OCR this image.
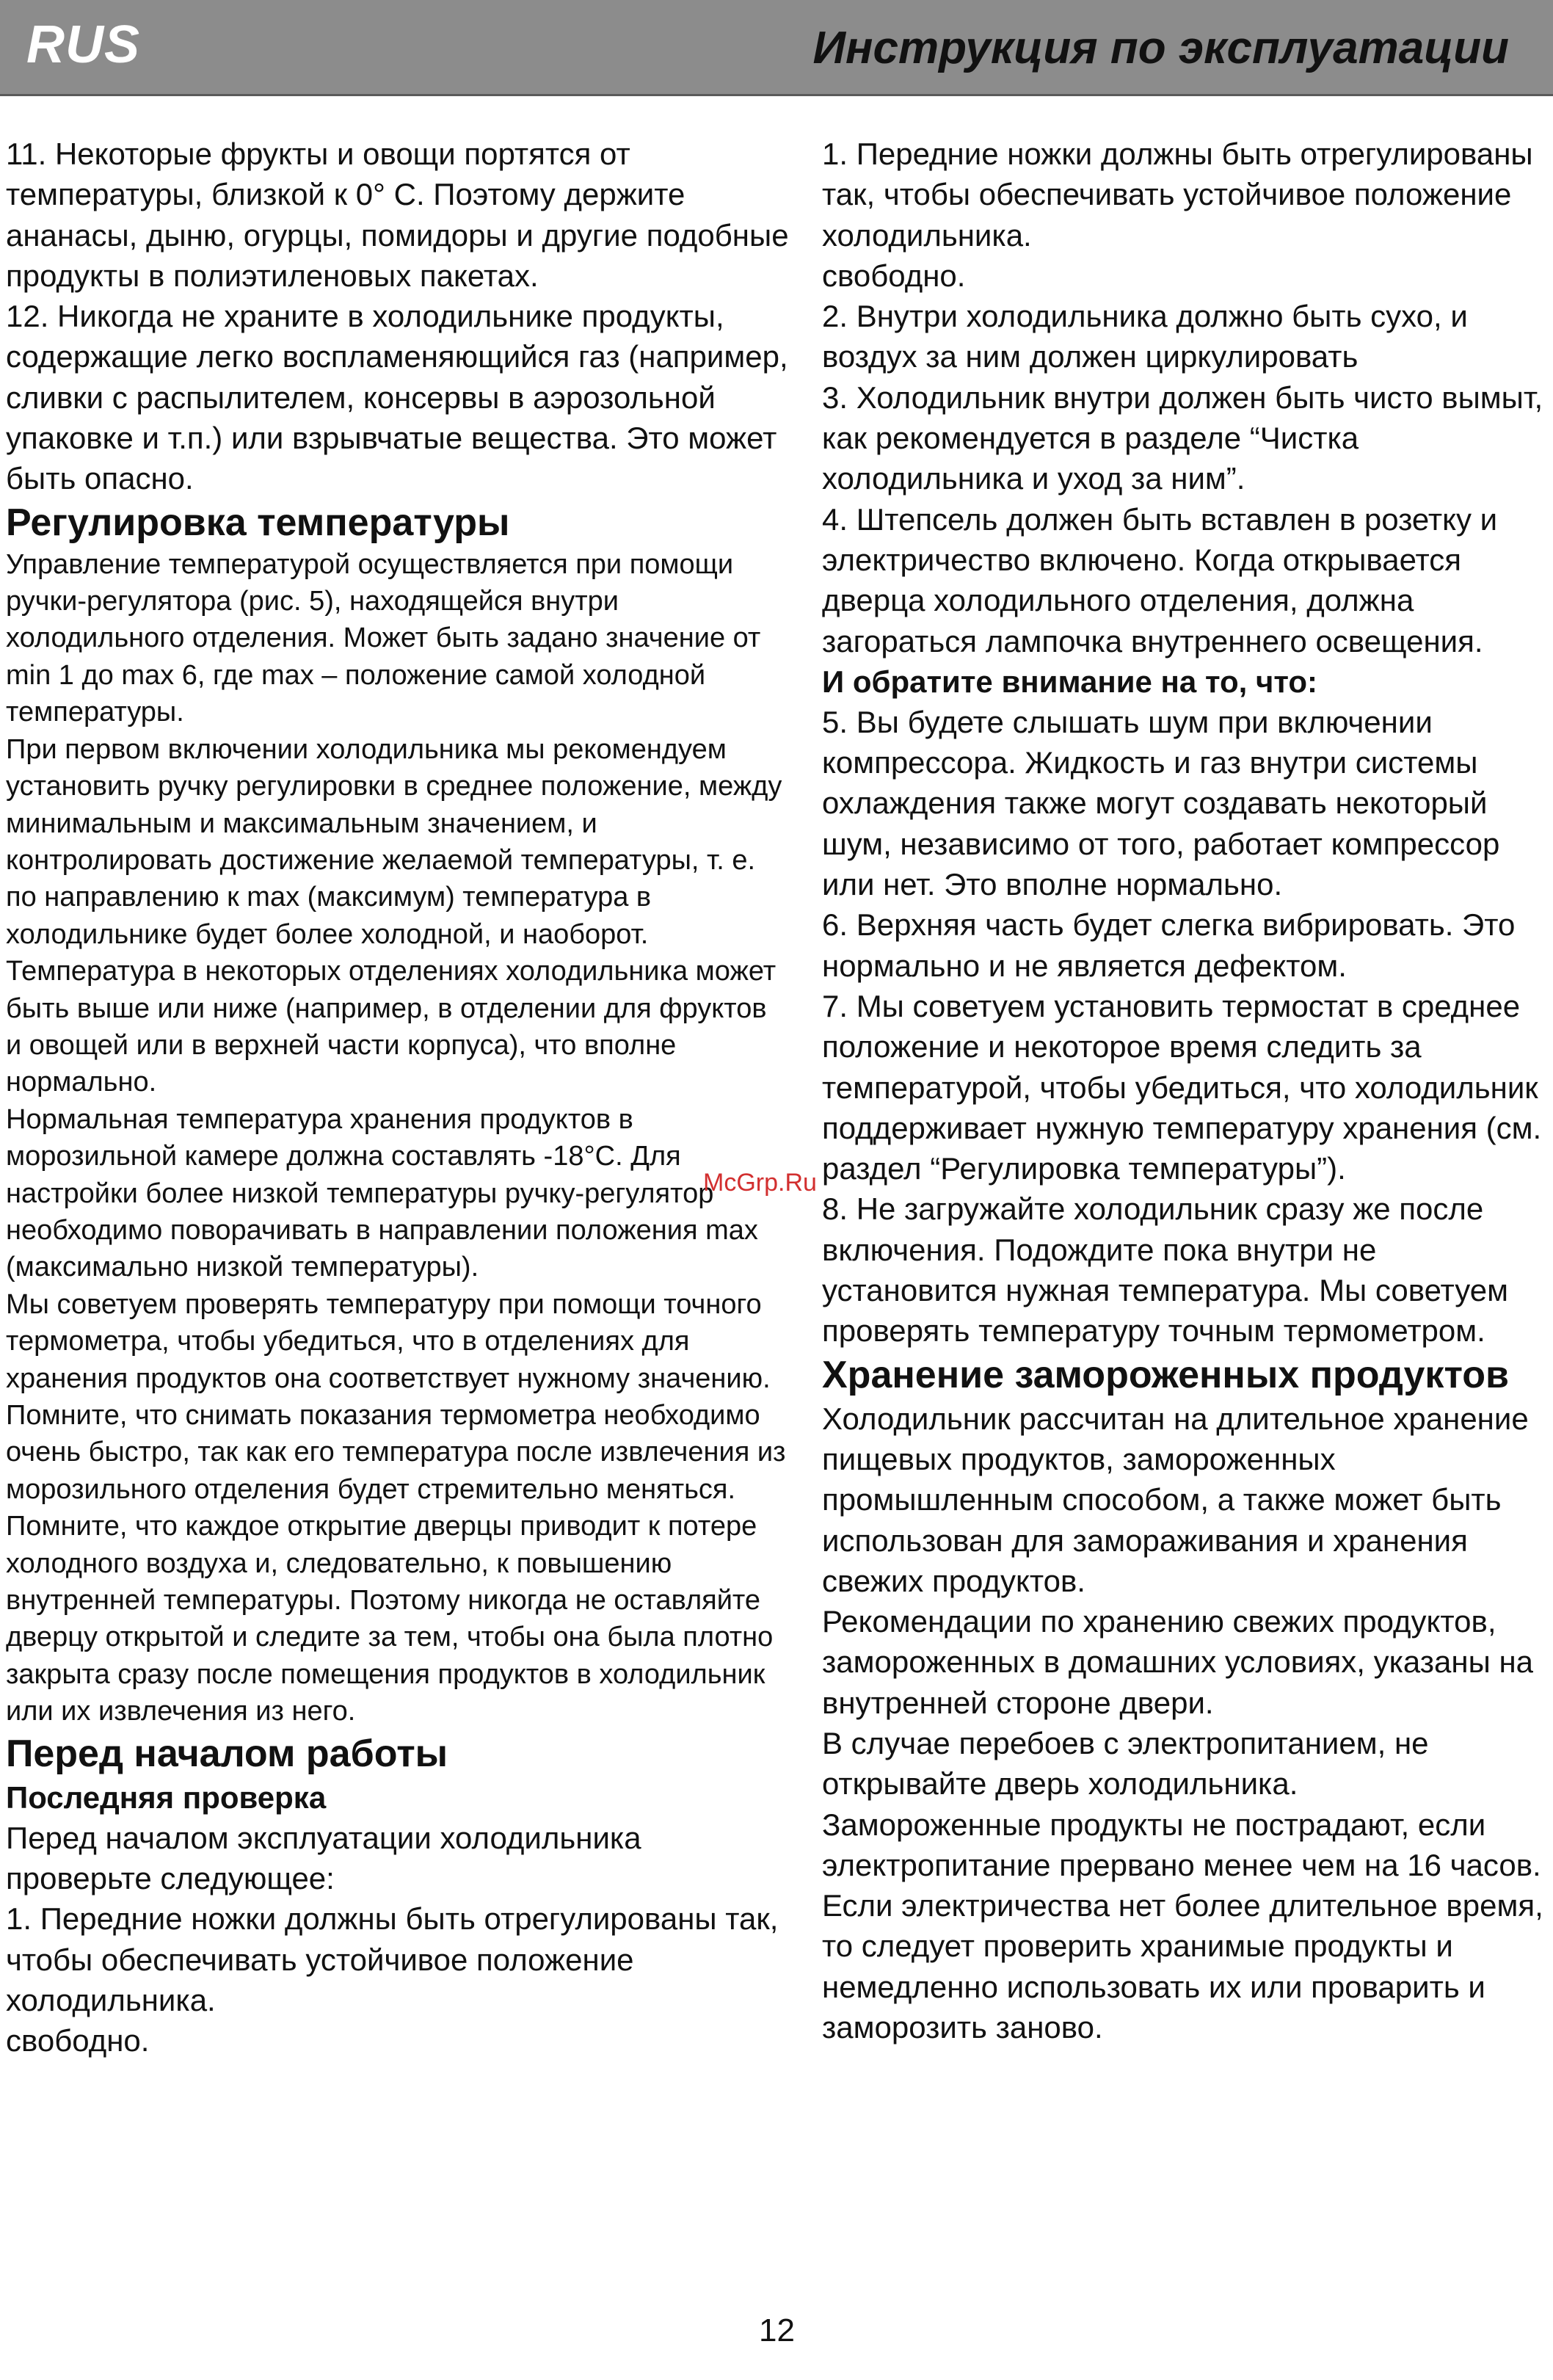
RUS	Инструкция по эксплуатации

11. Некоторые фрукты и овощи портятся от температуры, близкой к 0° С. Поэтому держите ананасы, дыню, огурцы, помидоры и другие подобные продукты в полиэтиленовых пакетах.

12. Никогда не храните в холодильнике продукты, содержащие легко воспламеняющийся газ (например, сливки с распылителем, консервы в аэрозольной упаковке и т.п.) или взрывчатые вещества. Это может быть опасно.

Регулировка температуры

Управление температурой осуществляется при помощи ручки-регулятора (рис. 5), находящейся внутри холодильного отделения. Может быть задано значение от min 1 до max 6, где max – положение самой холодной температуры.

При первом включении холодильника мы рекомендуем установить ручку регулировки в среднее положение, между минимальным и максимальным значением, и контролировать достижение желаемой температуры, т. е. по направлению к max (максимум) температура в холодильнике будет более холодной, и наоборот.

Температура в некоторых отделениях холодильника может быть выше или ниже (например, в отделении для фруктов и овощей или в верхней части корпуса), что вполне нормально.

Нормальная температура хранения продуктов в морозильной камере должна составлять -18°С. Для настройки более низкой температуры ручку-регулятор необходимо поворачивать в направлении положения max (максимально низкой температуры).

Мы советуем проверять температуру при помощи точного термометра, чтобы убедиться, что в отделениях для хранения продуктов она соответствует нужному значению.

Помните, что снимать показания термометра необходимо очень быстро, так как его температура после извлечения из морозильного отделения будет стремительно меняться.

Помните, что каждое открытие дверцы приводит к потере холодного воздуха и, следовательно, к повышению внутренней температуры. Поэтому никогда не оставляйте дверцу открытой и следите за тем, чтобы она была плотно закрыта сразу после помещения продуктов в холодильник или их извлечения из него.

Перед началом работы
Последняя проверка

Перед началом эксплуатации холодильника проверьте следующее:

1. Передние ножки должны быть отрегулированы так, чтобы обеспечивать устойчивое положение холодильника.

свободно.

1. Передние ножки должны быть отрегулированы так, чтобы обеспечивать устойчивое положение холодильника.

свободно.

2. Внутри холодильника должно быть сухо, и воздух за ним должен циркулировать

3. Холодильник внутри должен быть чисто вымыт, как рекомендуется в разделе “Чистка холодильника и уход за ним”.

4. Штепсель должен быть вставлен в розетку и электричество включено. Когда открывается дверца холодильного отделения, должна загораться лампочка внутреннего освещения.

И обратите внимание на то, что:

5. Вы будете слышать шум при включении компрессора. Жидкость и газ внутри системы охлаждения также могут создавать некоторый шум, независимо от того, работает компрессор или нет. Это вполне нормально.

6. Верхняя часть будет слегка вибрировать. Это нормально и не является дефектом.

7. Мы советуем установить термостат в среднее положение и некоторое время следить за температурой, чтобы убедиться, что холодильник поддерживает нужную температуру хранения (см. раздел “Регулировка температуры”).

8. Не загружайте холодильник сразу же после включения. Подождите пока внутри не установится нужная температура. Мы советуем проверять температуру точным термометром.

Хранение замороженных продуктов

Холодильник рассчитан на длительное хранение пищевых продуктов, замороженных промышленным способом, а также может быть использован для замораживания и хранения свежих продуктов.

Рекомендации по хранению свежих продуктов, замороженных в домашних условиях, указаны на внутренней стороне двери.

В случае перебоев с электропитанием, не открывайте дверь холодильника.

Замороженные продукты не пострадают, если электропитание прервано менее чем на 16 часов. Если электричества нет более длительное время, то следует проверить хранимые продукты и немедленно использовать их или проварить и заморозить заново.

McGrp.Ru
12
